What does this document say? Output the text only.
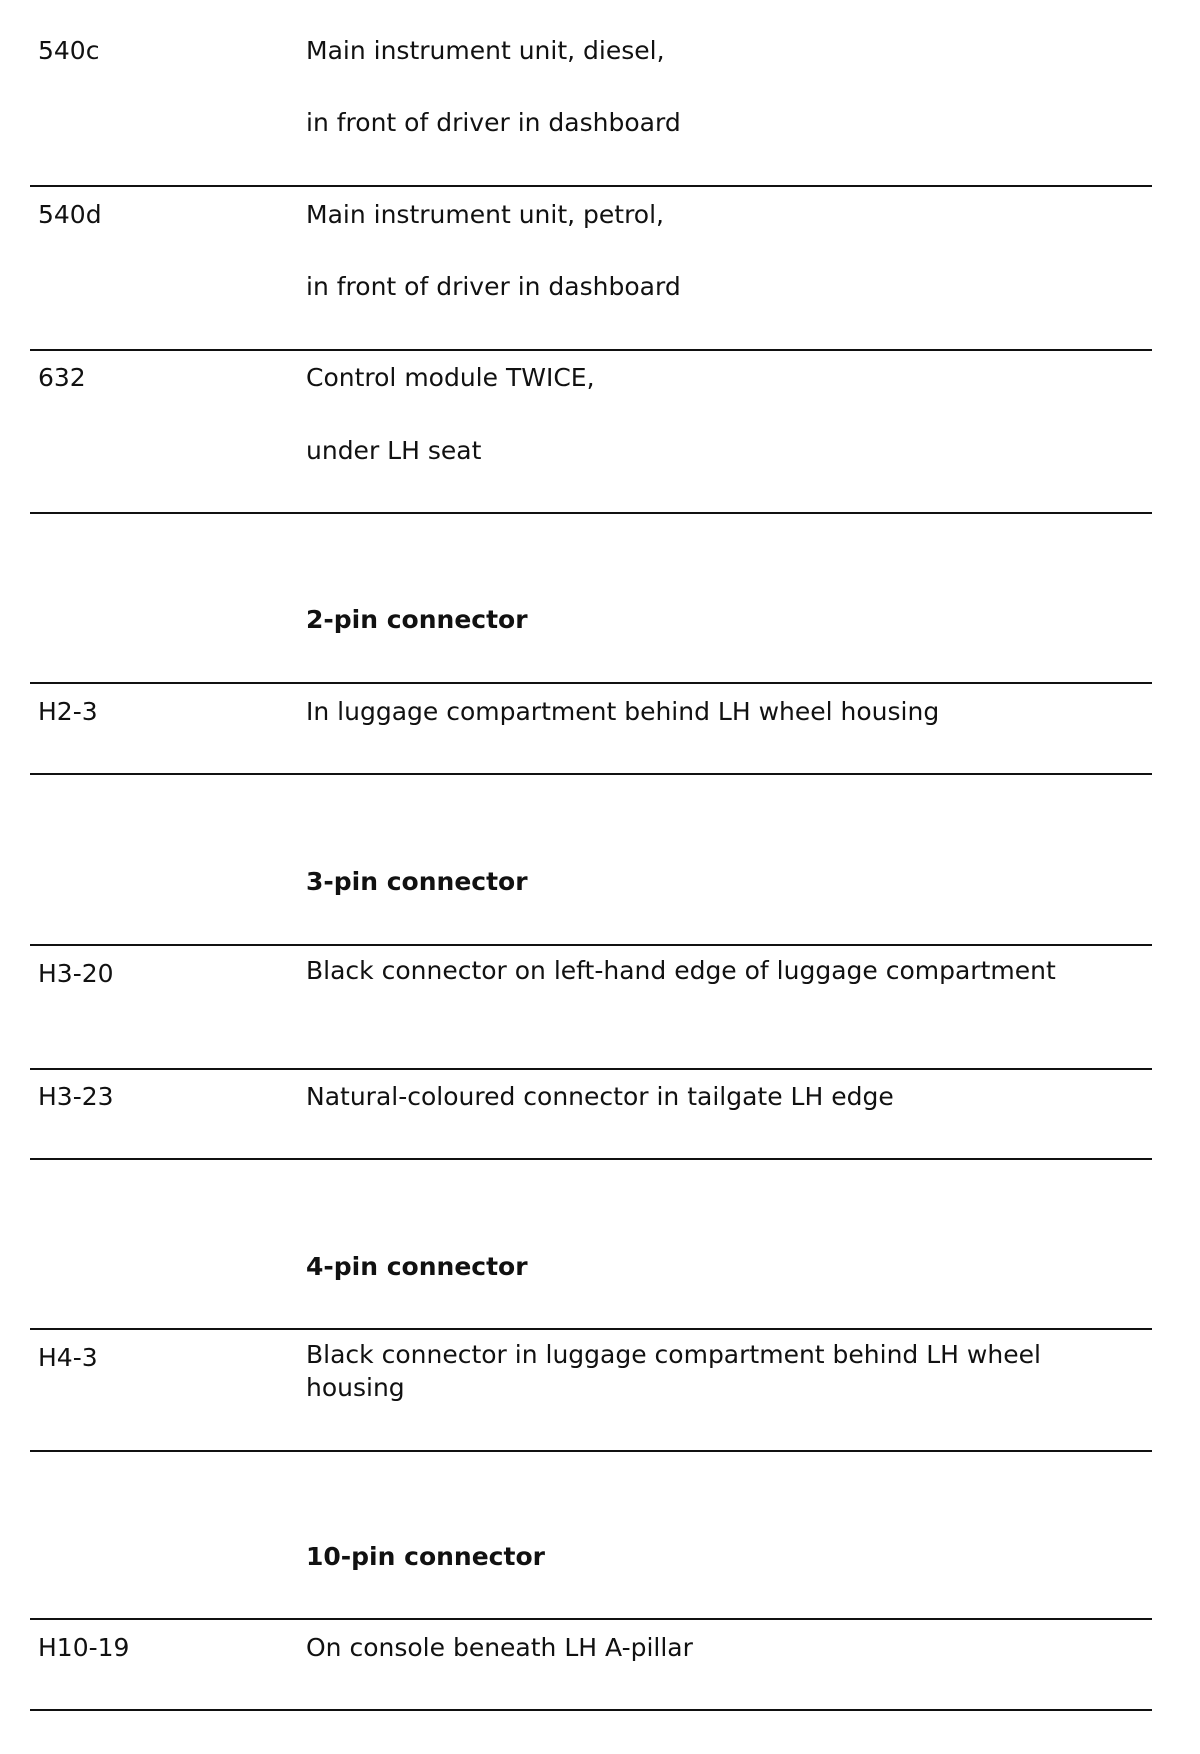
540c	Main instrument unit, diesel,
in front of driver in dashboard
540d	Main instrument unit, petrol,
in front of driver in dashboard
632	Control module TWICE,
under LH seat
2-pin connector
H2-3	In luggage compartment behind LH wheel housing
3-pin connector
H3-20	Black connector on left-hand edge of luggage compartment
H3-23	Natural-coloured connector in tailgate LH edge
4-pin connector
H4-3	Black connector in luggage compartment behind LH wheel housing
10-pin connector
H10-19	On console beneath LH A-pillar
